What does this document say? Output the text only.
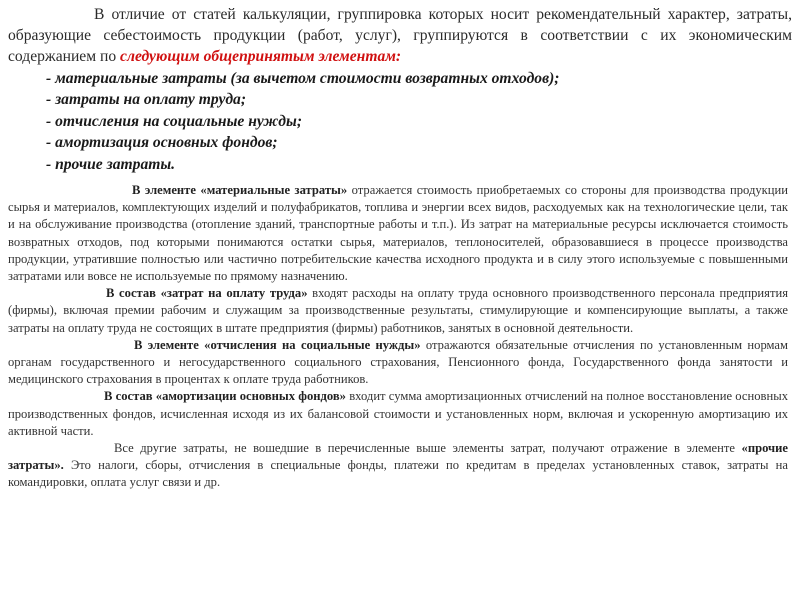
В отличие от статей калькуляции, группировка которых носит рекомендательный характер, затраты, образующие себестоимость продукции (работ, услуг), группируются в соответствии с их экономическим содержанием по следующим общепринятым элементам:

- материальные затраты (за вычетом стоимости возвратных отходов);
- затраты на оплату труда;
- отчисления на социальные нужды;
- амортизация основных фондов;
- прочие затраты.

В элементе «материальные затраты» отражается стоимость приобретаемых со стороны для производства продукции сырья и материалов, комплектующих изделий и полуфабрикатов, топлива и энергии всех видов, расходуемых как на технологические цели, так и на обслуживание производства (отопление зданий, транспортные работы и т.п.). Из затрат на материальные ресурсы исключается стоимость возвратных отходов, под которыми понимаются остатки сырья, материалов, теплоносителей, образовавшиеся в процессе производства продукции, утратившие полностью или частично потребительские качества исходного продукта и в силу этого используемые с повышенными затратами или вовсе не используемые по прямому назначению.

В состав «затрат на оплату труда» входят расходы на оплату труда основного производственного персонала предприятия (фирмы), включая премии рабочим и служащим за производственные результаты, стимулирующие и компенсирующие выплаты, а также затраты на оплату труда не состоящих в штате предприятия (фирмы) работников, занятых в основной деятельности.

В элементе «отчисления на социальные нужды» отражаются обязательные отчисления по установленным нормам органам государственного и негосударственного социального страхования, Пенсионного фонда, Государственного фонда занятости и медицинского страхования в процентах к оплате труда работников.

В состав «амортизации основных фондов» входит сумма амортизационных отчислений на полное восстановление основных производственных фондов, исчисленная исходя из их балансовой стоимости и установленных норм, включая и ускоренную амортизацию их активной части.

Все другие затраты, не вошедшие в перечисленные выше элементы затрат, получают отражение в элементе «прочие затраты». Это налоги, сборы, отчисления в специальные фонды, платежи по кредитам в пределах установленных ставок, затраты на командировки, оплата услуг связи и др.
